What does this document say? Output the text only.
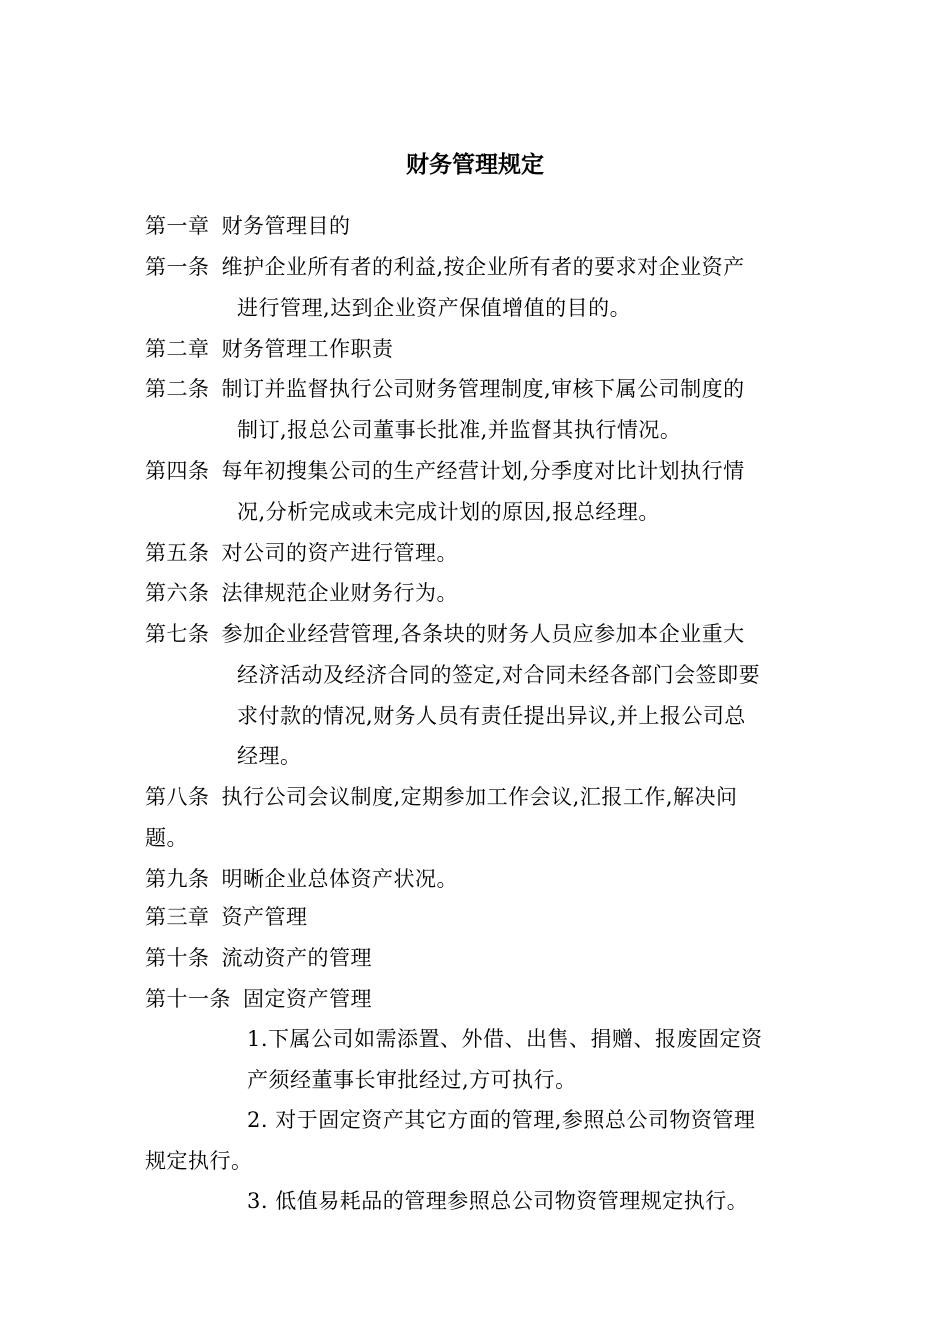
财务管理规定
第一章 财务管理目的
第一条 维护企业所有者的利益,按企业所有者的要求对企业资产
进行管理,达到企业资产保值增值的目的。
第二章 财务管理工作职责
第二条 制订并监督执行公司财务管理制度,审核下属公司制度的
制订,报总公司董事长批准,并监督其执行情况。
第四条 每年初搜集公司的生产经营计划,分季度对比计划执行情
况,分析完成或未完成计划的原因,报总经理。
第五条 对公司的资产进行管理。
第六条 法律规范企业财务行为。
第七条 参加企业经营管理,各条块的财务人员应参加本企业重大
经济活动及经济合同的签定,对合同未经各部门会签即要
求付款的情况,财务人员有责任提出异议,并上报公司总
经理。
第八条 执行公司会议制度,定期参加工作会议,汇报工作,解决问
题。
第九条 明晰企业总体资产状况。
第三章 资产管理
第十条 流动资产的管理
第十一条 固定资产管理
1.下属公司如需添置、外借、出售、捐赠、报废固定资
产须经董事长审批经过,方可执行。
2. 对于固定资产其它方面的管理,参照总公司物资管理
规定执行。
3. 低值易耗品的管理参照总公司物资管理规定执行。
